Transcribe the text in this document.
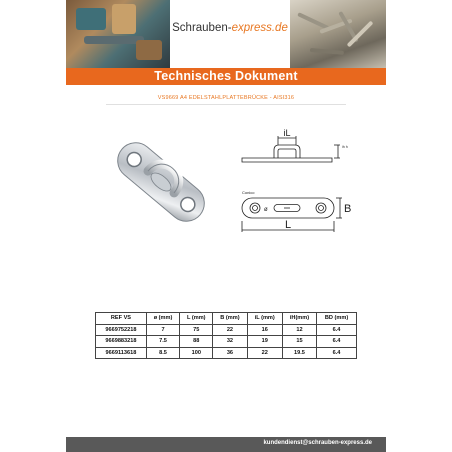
Schrauben-express.de
Technisches Dokument
VS9669 A4 EDELSTAHLPLATTEBRÜCKE - AISI316
iL
ih h
Conico
ø	B
L
REF VS	ø (mm)	L (mm)	B (mm)	iL (mm)	iH(mm)	BD (mm)
9669752218	7	75	22	16	12	6.4
9669883218	7.5	88	32	19	15	6.4
9669113618	8.5	100	36	22	19.5	6.4
kundendienst@schrauben-express.de
